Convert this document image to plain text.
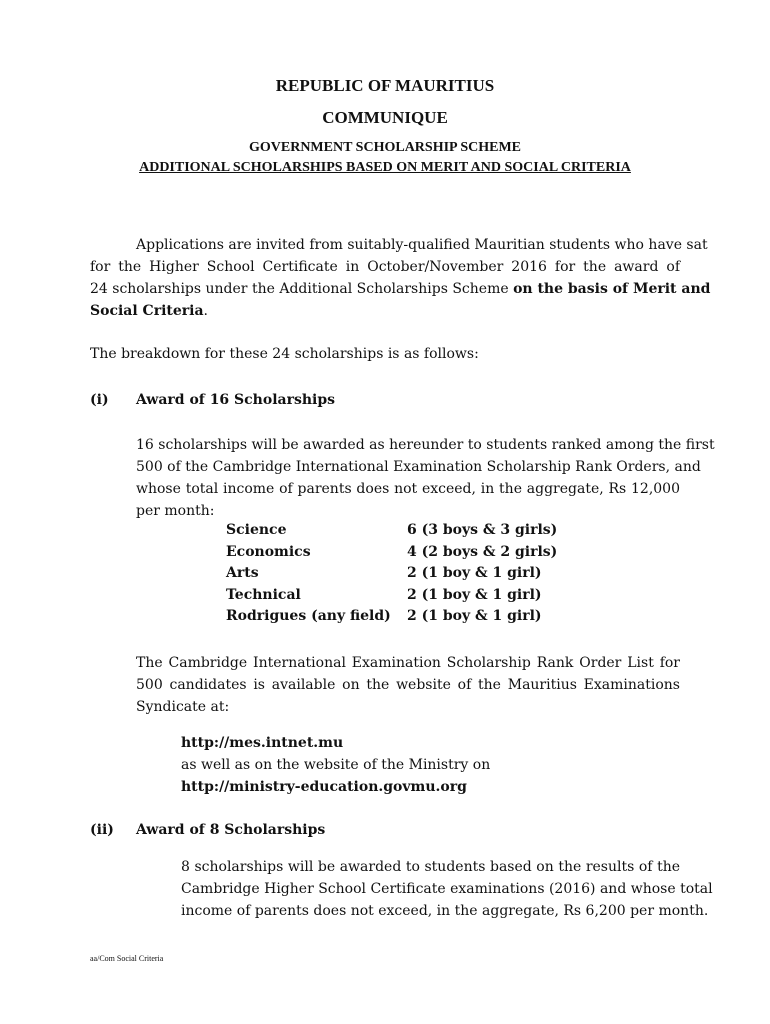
REPUBLIC OF MAURITIUS
COMMUNIQUE
GOVERNMENT SCHOLARSHIP SCHEME
ADDITIONAL SCHOLARSHIPS BASED ON MERIT AND SOCIAL CRITERIA
Applications are invited from suitably-qualified Mauritian students who have sat
for the Higher School Certificate in October/November 2016 for the award of
24 scholarships under the Additional Scholarships Scheme on the basis of Merit and
Social Criteria.
The breakdown for these 24 scholarships is as follows:
(i) Award of 16 Scholarships
16 scholarships will be awarded as hereunder to students ranked among the first
500 of the Cambridge International Examination Scholarship Rank Orders, and
whose total income of parents does not exceed, in the aggregate, Rs 12,000
per month:
Science	6 (3 boys & 3 girls)
Economics	4 (2 boys & 2 girls)
Arts	2 (1 boy & 1 girl)
Technical	2 (1 boy & 1 girl)
Rodrigues (any field)	2 (1 boy & 1 girl)
The Cambridge International Examination Scholarship Rank Order List for
500 candidates is available on the website of the Mauritius Examinations
Syndicate at:
http://mes.intnet.mu
as well as on the website of the Ministry on
http://ministry-education.govmu.org
(ii) Award of 8 Scholarships
8 scholarships will be awarded to students based on the results of the
Cambridge Higher School Certificate examinations (2016) and whose total
income of parents does not exceed, in the aggregate, Rs 6,200 per month.
aa/Com Social Criteria
